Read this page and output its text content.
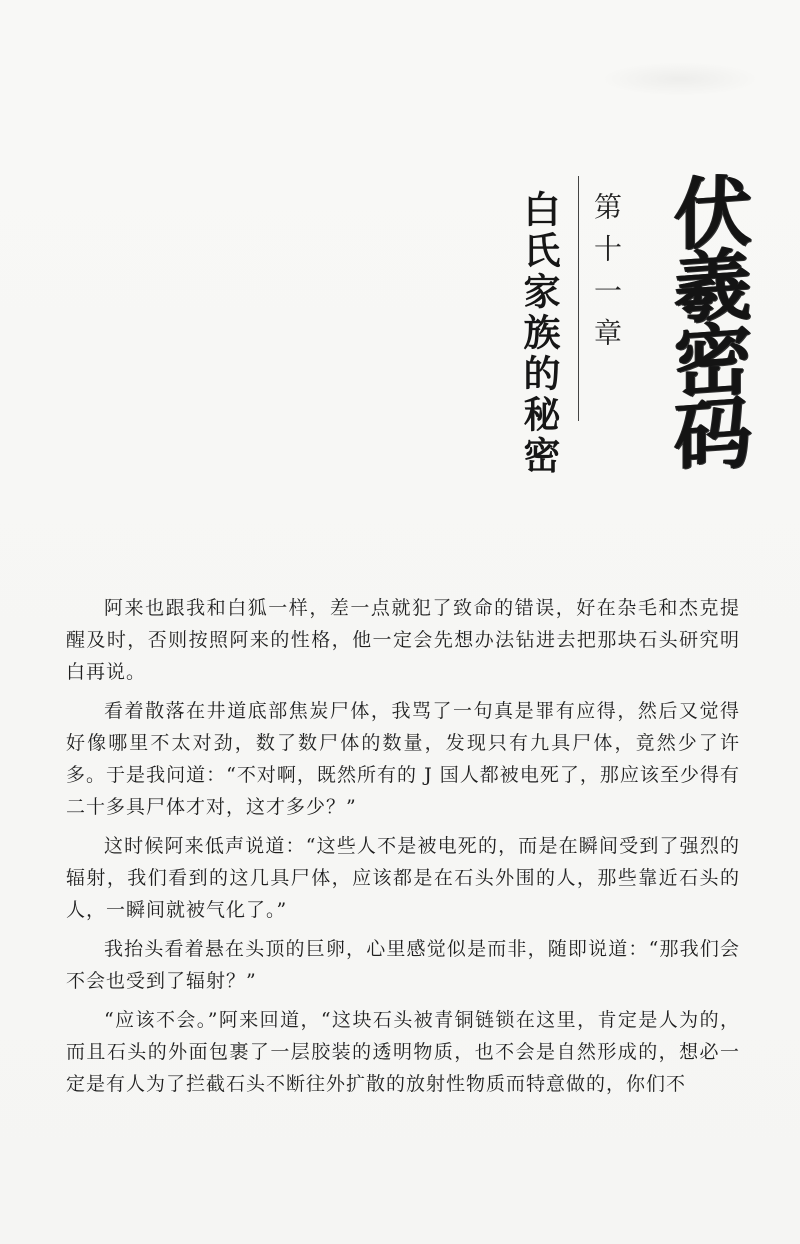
白氏家族的秘密 第十一章 伏羲密码

阿来也跟我和白狐一样，差一点就犯了致命的错误，好在杂毛和杰克提醒及时，否则按照阿来的性格，他一定会先想办法钻进去把那块石头研究明白再说。

看着散落在井道底部焦炭尸体，我骂了一句真是罪有应得，然后又觉得好像哪里不太对劲，数了数尸体的数量，发现只有九具尸体，竟然少了许多。于是我问道：“不对啊，既然所有的 J 国人都被电死了，那应该至少得有二十多具尸体才对，这才多少？”

这时候阿来低声说道：“这些人不是被电死的，而是在瞬间受到了强烈的辐射，我们看到的这几具尸体，应该都是在石头外围的人，那些靠近石头的人，一瞬间就被气化了。”

我抬头看着悬在头顶的巨卵，心里感觉似是而非，随即说道：“那我们会不会也受到了辐射？”

“应该不会。”阿来回道，“这块石头被青铜链锁在这里，肯定是人为的，而且石头的外面包裹了一层胶装的透明物质，也不会是自然形成的，想必一定是有人为了拦截石头不断往外扩散的放射性物质而特意做的，你们不
